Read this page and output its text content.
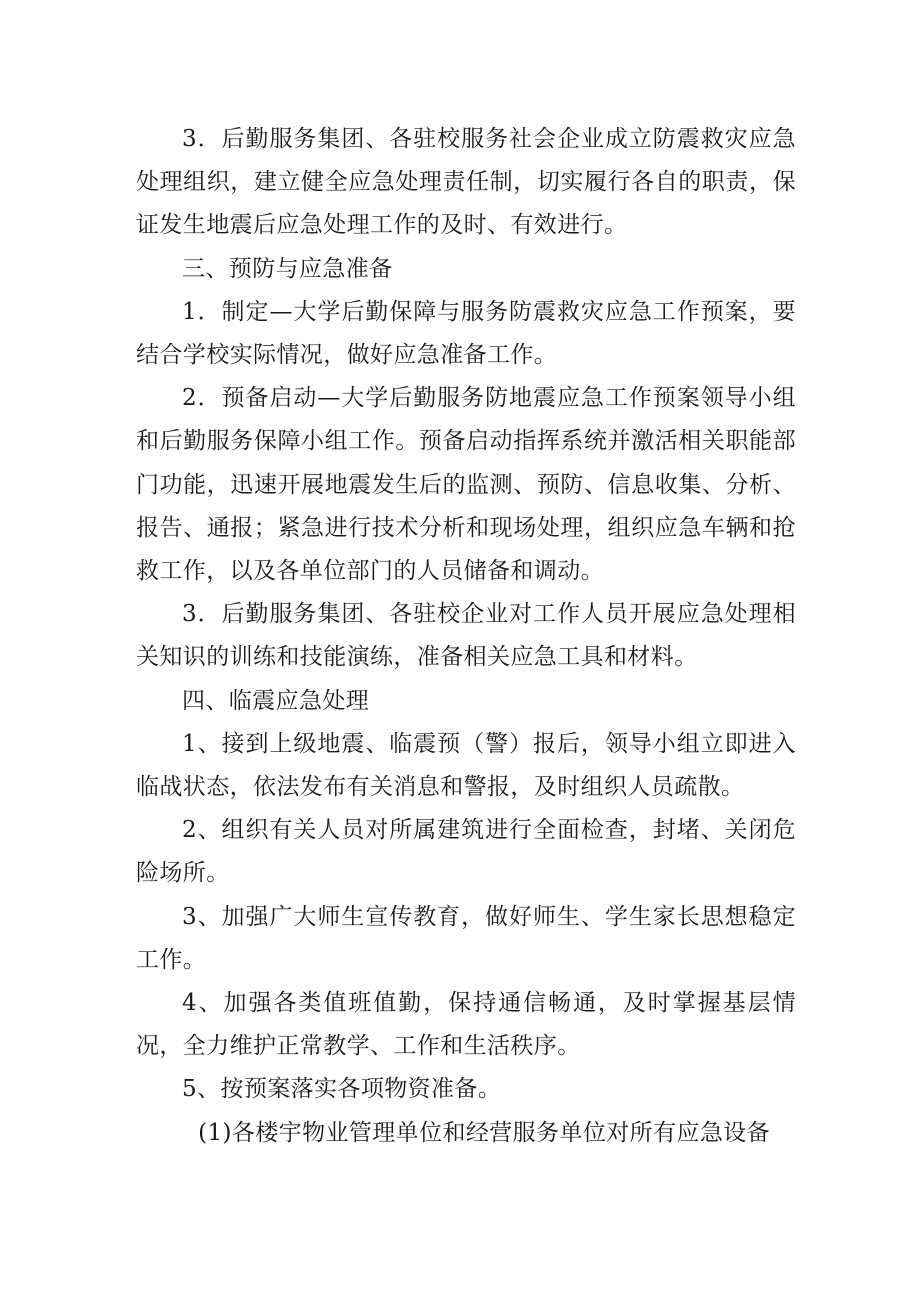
3．后勤服务集团、各驻校服务社会企业成立防震救灾应急处理组织，建立健全应急处理责任制，切实履行各自的职责，保证发生地震后应急处理工作的及时、有效进行。

三、预防与应急准备

1．制定—大学后勤保障与服务防震救灾应急工作预案，要结合学校实际情况，做好应急准备工作。

2．预备启动—大学后勤服务防地震应急工作预案领导小组和后勤服务保障小组工作。预备启动指挥系统并激活相关职能部门功能，迅速开展地震发生后的监测、预防、信息收集、分析、报告、通报；紧急进行技术分析和现场处理，组织应急车辆和抢救工作，以及各单位部门的人员储备和调动。

3．后勤服务集团、各驻校企业对工作人员开展应急处理相关知识的训练和技能演练，准备相关应急工具和材料。

四、临震应急处理

1、接到上级地震、临震预（警）报后，领导小组立即进入临战状态，依法发布有关消息和警报，及时组织人员疏散。

2、组织有关人员对所属建筑进行全面检查，封堵、关闭危险场所。

3、加强广大师生宣传教育，做好师生、学生家长思想稳定工作。

4、加强各类值班值勤，保持通信畅通，及时掌握基层情况，全力维护正常教学、工作和生活秩序。

5、按预案落实各项物资准备。

(1)各楼宇物业管理单位和经营服务单位对所有应急设备
